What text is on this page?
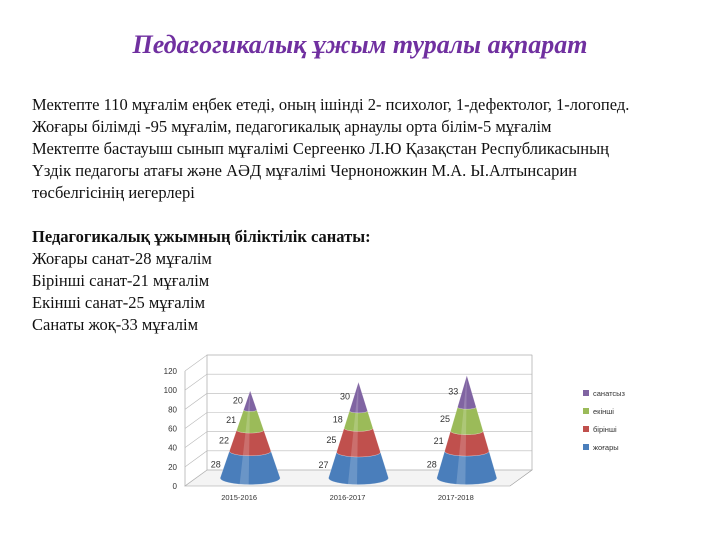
Педагогикалық ұжым туралы ақпарат

Мектепте 110 мұғалім еңбек етеді, оның ішінді 2- психолог, 1-дефектолог, 1-логопед.

Жоғары білімді -95 мұғалім, педагогикалық арнаулы орта білім-5 мұғалім

Мектепте бастауыш сынып мұғалімі Сергеенко Л.Ю Қазақстан Республикасының

Үздік педагогы атағы және АӘД мұғалімі Черноножкин М.А. Ы.Алтынсарин

төсбелгісінің иегерлері

Педагогикалық ұжымның біліктілік санаты:

Жоғары санат-28 мұғалім

Бірінші санат-21 мұғалім

Екінші санат-25 мұғалім

Санаты жоқ-33 мұғалім

0
20
40
60
80
100
120
28
22
21
20
2015-2016
27
25
18
30
2016-2017
28
21
25
33
2017-2018
санатсыз
екінші
бірінші
жоғары
